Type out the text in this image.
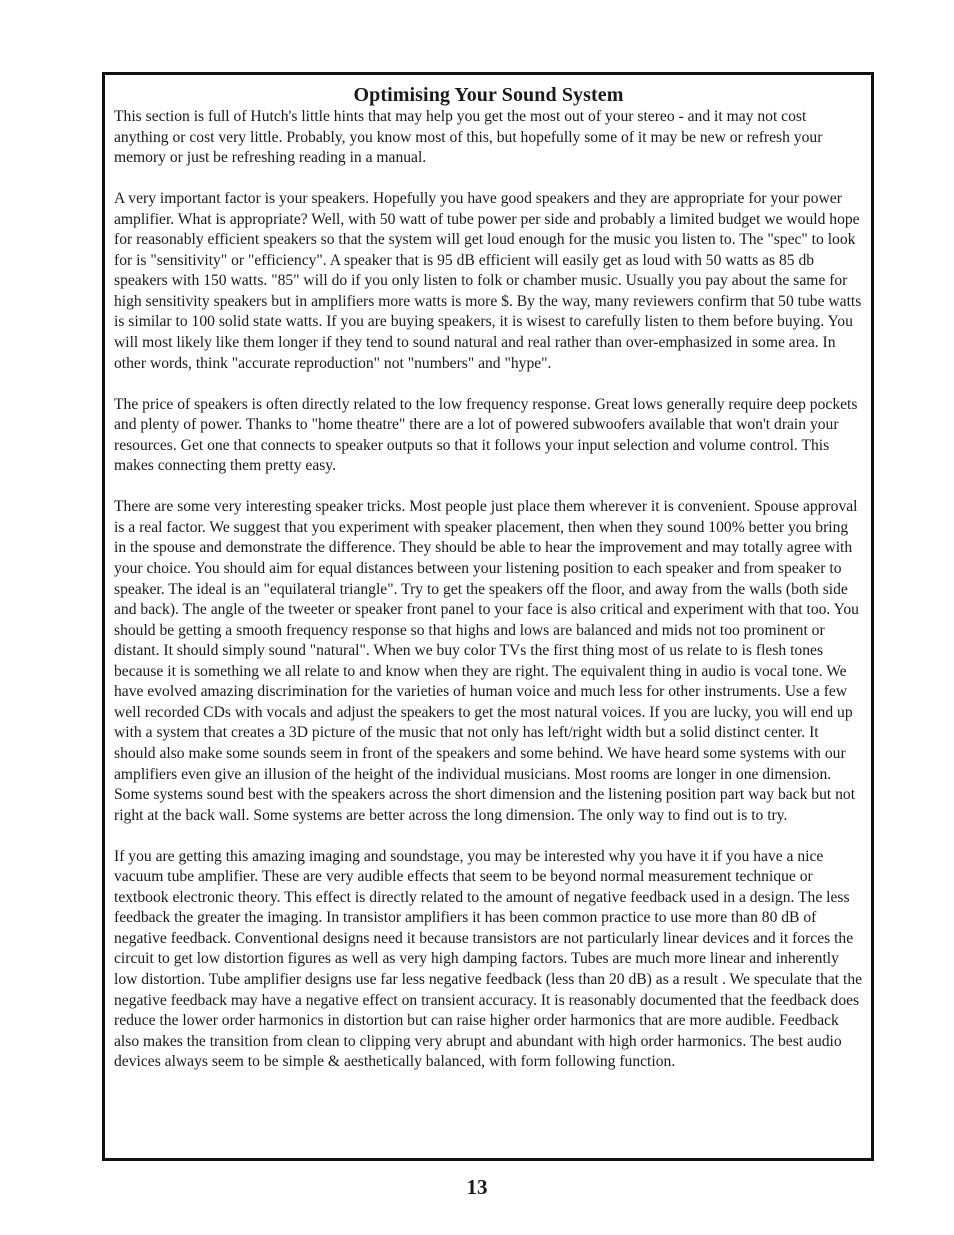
Optimising Your Sound System

This section is full of Hutch's little hints that may help you get the most out of your stereo - and it may not cost anything or cost very little. Probably, you know most of this, but hopefully some of it may be new or refresh your memory or just be refreshing reading in a manual.

A very important factor is your speakers. Hopefully you have good speakers and they are appropriate for your power amplifier. What is appropriate? Well, with 50 watt of tube power per side and probably a limited budget we would hope for reasonably efficient speakers so that the system will get loud enough for the music you listen to. The "spec" to look for is "sensitivity" or "efficiency". A speaker that is 95 dB efficient will easily get as loud with 50 watts as 85 db speakers with 150 watts. "85" will do if you only listen to folk or chamber music. Usually you pay about the same for high sensitivity speakers but in amplifiers more watts is more $. By the way, many reviewers confirm that 50 tube watts is similar to 100 solid state watts. If you are buying speakers, it is wisest to carefully listen to them before buying. You will most likely like them longer if they tend to sound natural and real rather than over-emphasized in some area. In other words, think "accurate reproduction" not "numbers" and "hype".

The price of speakers is often directly related to the low frequency response. Great lows generally require deep pockets and plenty of power. Thanks to "home theatre" there are a lot of powered subwoofers available that won't drain your resources. Get one that connects to speaker outputs so that it follows your input selection and volume control. This makes connecting them pretty easy.

There are some very interesting speaker tricks. Most people just place them wherever it is convenient. Spouse approval is a real factor. We suggest that you experiment with speaker placement, then when they sound 100% better you bring in the spouse and demonstrate the difference. They should be able to hear the improvement and may totally agree with your choice. You should aim for equal distances between your listening position to each speaker and from speaker to speaker. The ideal is an "equilateral triangle". Try to get the speakers off the floor, and away from the walls (both side and back). The angle of the tweeter or speaker front panel to your face is also critical and experiment with that too. You should be getting a smooth frequency response so that highs and lows are balanced and mids not too prominent or distant. It should simply sound "natural". When we buy color TVs the first thing most of us relate to is flesh tones because it is something we all relate to and know when they are right. The equivalent thing in audio is vocal tone. We have evolved amazing discrimination for the varieties of human voice and much less for other instruments. Use a few well recorded CDs with vocals and adjust the speakers to get the most natural voices. If you are lucky, you will end up with a system that creates a 3D picture of the music that not only has left/right width but a solid distinct center. It should also make some sounds seem in front of the speakers and some behind. We have heard some systems with our amplifiers even give an illusion of the height of the individual musicians. Most rooms are longer in one dimension. Some systems sound best with the speakers across the short dimension and the listening position part way back but not right at the back wall. Some systems are better across the long dimension. The only way to find out is to try.

If you are getting this amazing imaging and soundstage, you may be interested why you have it if you have a nice vacuum tube amplifier. These are very audible effects that seem to be beyond normal measurement technique or textbook electronic theory. This effect is directly related to the amount of negative feedback used in a design. The less feedback the greater the imaging. In transistor amplifiers it has been common practice to use more than 80 dB of negative feedback. Conventional designs need it because transistors are not particularly linear devices and it forces the circuit to get low distortion figures as well as very high damping factors. Tubes are much more linear and inherently low distortion. Tube amplifier designs use far less negative feedback (less than 20 dB) as a result . We speculate that the negative feedback may have a negative effect on transient accuracy. It is reasonably documented that the feedback does reduce the lower order harmonics in distortion but can raise higher order harmonics that are more audible. Feedback also makes the transition from clean to clipping very abrupt and abundant with high order harmonics. The best audio devices always seem to be simple & aesthetically balanced, with form following function.

13
